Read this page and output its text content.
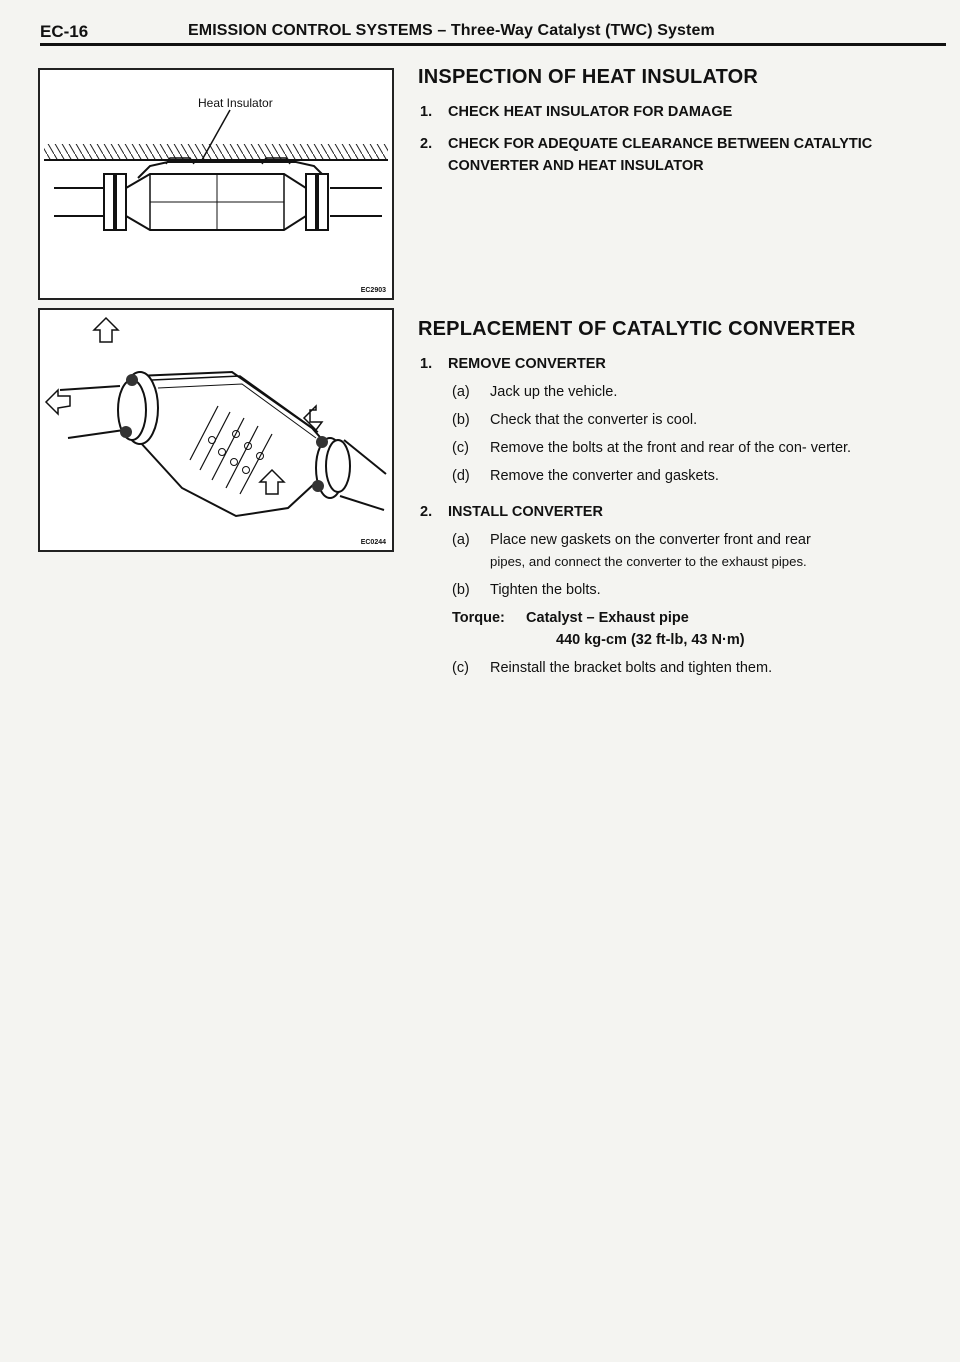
EC-16	EMISSION CONTROL SYSTEMS – Three-Way Catalyst (TWC) System
Heat Insulator
EC2903
EC0244
INSPECTION OF HEAT INSULATOR
1. CHECK HEAT INSULATOR FOR DAMAGE
2. CHECK FOR ADEQUATE CLEARANCE BETWEEN CATALYTIC CONVERTER AND HEAT INSULATOR
REPLACEMENT OF CATALYTIC CONVERTER
1. REMOVE CONVERTER
(a) Jack up the vehicle.
(b) Check that the converter is cool.
(c) Remove the bolts at the front and rear of the con- verter.
(d) Remove the converter and gaskets.
2. INSTALL CONVERTER
(a) Place new gaskets on the converter front and rear
pipes, and connect the converter to the exhaust pipes.
(b) Tighten the bolts.
Torque: Catalyst – Exhaust pipe
440 kg-cm (32 ft-lb, 43 N·m)
(c) Reinstall the bracket bolts and tighten them.
